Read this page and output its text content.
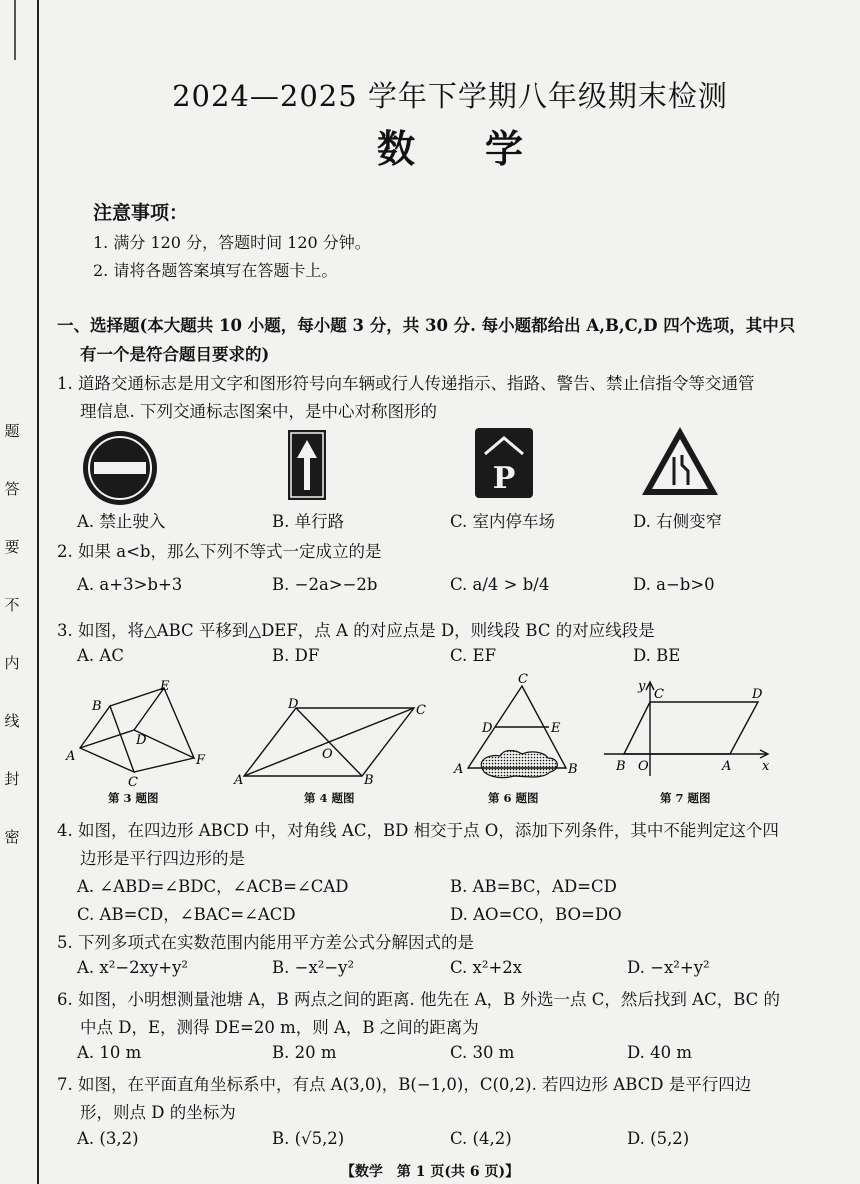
题
答
要
不
内
线
封
密
2024—2025 学年下学期八年级期末检测
数学
注意事项：
1. 满分 120 分，答题时间 120 分钟。
2. 请将各题答案填写在答题卡上。
一、选择题(本大题共 10 小题，每小题 3 分，共 30 分. 每小题都给出 A,B,C,D 四个选项，其中只
有一个是符合题目要求的)
1. 道路交通标志是用文字和图形符号向车辆或行人传递指示、指路、警告、禁止信指令等交通管
理信息. 下列交通标志图案中，是中心对称图形的
P
A. 禁止驶入	B. 单行路	C. 室内停车场	D. 右侧变窄
2. 如果 a<b，那么下列不等式一定成立的是
A. a+3>b+3	B. −2a>−2b	C. a/4 > b/4	D. a−b>0
3. 如图，将△ABC 平移到△DEF，点 A 的对应点是 D，则线段 BC 的对应线段是
A. AC	B. DF	C. EF	D. BE
B
E
D
A
C
F
第 3 题图
D	C
O
A	B
第 4 题图
C
D	E
A	B
第 6 题图
y
C	D
B O	A x
第 7 题图
4. 如图，在四边形 ABCD 中，对角线 AC，BD 相交于点 O，添加下列条件，其中不能判定这个四
边形是平行四边形的是
A. ∠ABD=∠BDC，∠ACB=∠CAD	B. AB=BC，AD=CD
C. AB=CD，∠BAC=∠ACD	D. AO=CO，BO=DO
5. 下列多项式在实数范围内能用平方差公式分解因式的是
A. x²−2xy+y²	B. −x²−y²	C. x²+2x	D. −x²+y²
6. 如图，小明想测量池塘 A，B 两点之间的距离. 他先在 A，B 外选一点 C，然后找到 AC，BC 的
中点 D，E，测得 DE=20 m，则 A，B 之间的距离为
A. 10 m	B. 20 m	C. 30 m	D. 40 m
7. 如图，在平面直角坐标系中，有点 A(3,0)，B(−1,0)，C(0,2). 若四边形 ABCD 是平行四边
形，则点 D 的坐标为
A. (3,2)	B. (√5,2)	C. (4,2)	D. (5,2)
【数学　第 1 页(共 6 页)】
